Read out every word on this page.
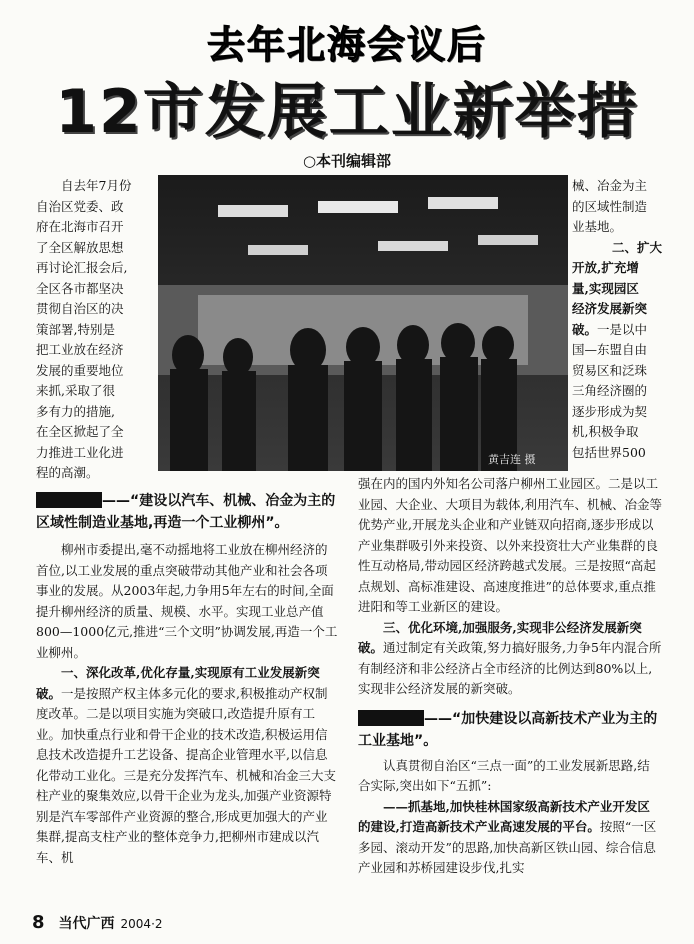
去年北海会议后
12市发展工业新举措
○本刊编辑部
黄吉连 摄

自去年7月份

自治区党委、政

府在北海市召开

了全区解放思想

再讨论汇报会后,

全区各市都坚决

贯彻自治区的决

策部署,特别是

把工业放在经济

发展的重要地位

来抓,采取了很

多有力的措施,

在全区掀起了全

力推进工业化进

程的高潮。

械、冶金为主

的区域性制造

业基地。

二、扩大

开放,扩充增

量,实现园区

经济发展新突

破。一是以中

国—东盟自由

贸易区和泛珠

三角经济圈的

逐步形成为契

机,积极争取

包括世界500

——“建设以汽车、机械、冶金为主的区域性制造业基地,再造一个工业柳州”。

柳州市委提出,毫不动摇地将工业放在柳州经济的首位,以工业发展的重点突破带动其他产业和社会各项事业的发展。从2003年起,力争用5年左右的时间,全面提升柳州经济的质量、规模、水平。实现工业总产值800—1000亿元,推进“三个文明”协调发展,再造一个工业柳州。

一、深化改革,优化存量,实现原有工业发展新突破。一是按照产权主体多元化的要求,积极推动产权制度改革。二是以项目实施为突破口,改造提升原有工业。加快重点行业和骨干企业的技术改造,积极运用信息技术改造提升工艺设备、提高企业管理水平,以信息化带动工业化。三是充分发挥汽车、机械和冶金三大支柱产业的聚集效应,以骨干企业为龙头,加强产业资源特别是汽车零部件产业资源的整合,形成更加强大的产业集群,提高支柱产业的整体竞争力,把柳州市建成以汽车、机

强在内的国内外知名公司落户柳州工业园区。二是以工业园、大企业、大项目为载体,利用汽车、机械、冶金等优势产业,开展龙头企业和产业链双向招商,逐步形成以产业集群吸引外来投资、以外来投资壮大产业集群的良性互动格局,带动园区经济跨越式发展。三是按照“高起点规划、高标准建设、高速度推进”的总体要求,重点推进阳和等工业新区的建设。

三、优化环境,加强服务,实现非公经济发展新突破。通过制定有关政策,努力搞好服务,力争5年内混合所有制经济和非公经济占全市经济的比例达到80%以上,实现非公经济发展的新突破。

——“加快建设以高新技术产业为主的工业基地”。

认真贯彻自治区“三点一面”的工业发展新思路,结合实际,突出如下“五抓”:

——抓基地,加快桂林国家级高新技术产业开发区的建设,打造高新技术产业高速发展的平台。按照“一区多园、滚动开发”的思路,加快高新区铁山园、综合信息产业园和苏桥园建设步伐,扎实

8 当代广西 2004·2
